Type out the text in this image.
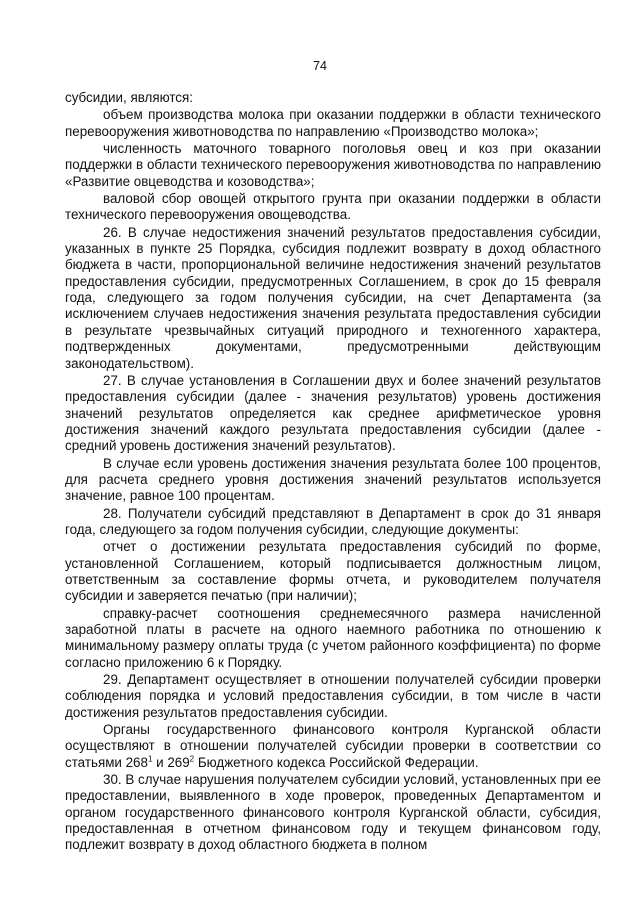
74

субсидии, являются:

объем производства молока при оказании поддержки в области технического перевооружения животноводства по направлению «Производство молока»;

численность маточного товарного поголовья овец и коз при оказании поддержки в области технического перевооружения животноводства по направлению «Развитие овцеводства и козоводства»;

валовой сбор овощей открытого грунта при оказании поддержки в области технического перевооружения овощеводства.

26. В случае недостижения значений результатов предоставления субсидии, указанных в пункте 25 Порядка, субсидия подлежит возврату в доход областного бюджета в части, пропорциональной величине недостижения значений результатов предоставления субсидии, предусмотренных Соглашением, в срок до 15 февраля года, следующего за годом получения субсидии, на счет Департамента (за исключением случаев недостижения значения результата предоставления субсидии в результате чрезвычайных ситуаций природного и техногенного характера, подтвержденных документами, предусмотренными действующим законодательством).

27. В случае установления в Соглашении двух и более значений результатов предоставления субсидии (далее - значения результатов) уровень достижения значений результатов определяется как среднее арифметическое уровня достижения значений каждого результата предоставления субсидии (далее - средний уровень достижения значений результатов).

В случае если уровень достижения значения результата более 100 процентов, для расчета среднего уровня достижения значений результатов используется значение, равное 100 процентам.

28. Получатели субсидий представляют в Департамент в срок до 31 января года, следующего за годом получения субсидии, следующие документы:

отчет о достижении результата предоставления субсидий по форме, установленной Соглашением, который подписывается должностным лицом, ответственным за составление формы отчета, и руководителем получателя субсидии и заверяется печатью (при наличии);

справку-расчет соотношения среднемесячного размера начисленной заработной платы в расчете на одного наемного работника по отношению к минимальному размеру оплаты труда (с учетом районного коэффициента) по форме согласно приложению 6 к Порядку.

29. Департамент осуществляет в отношении получателей субсидии проверки соблюдения порядка и условий предоставления субсидии, в том числе в части достижения результатов предоставления субсидии.

Органы государственного финансового контроля Курганской области осуществляют в отношении получателей субсидии проверки в соответствии со статьями $268^1$ и $269^2$ Бюджетного кодекса Российской Федерации.

30. В случае нарушения получателем субсидии условий, установленных при ее предоставлении, выявленного в ходе проверок, проведенных Департаментом и органом государственного финансового контроля Курганской области, субсидия, предоставленная в отчетном финансовом году и текущем финансовом году, подлежит возврату в доход областного бюджета в полном
